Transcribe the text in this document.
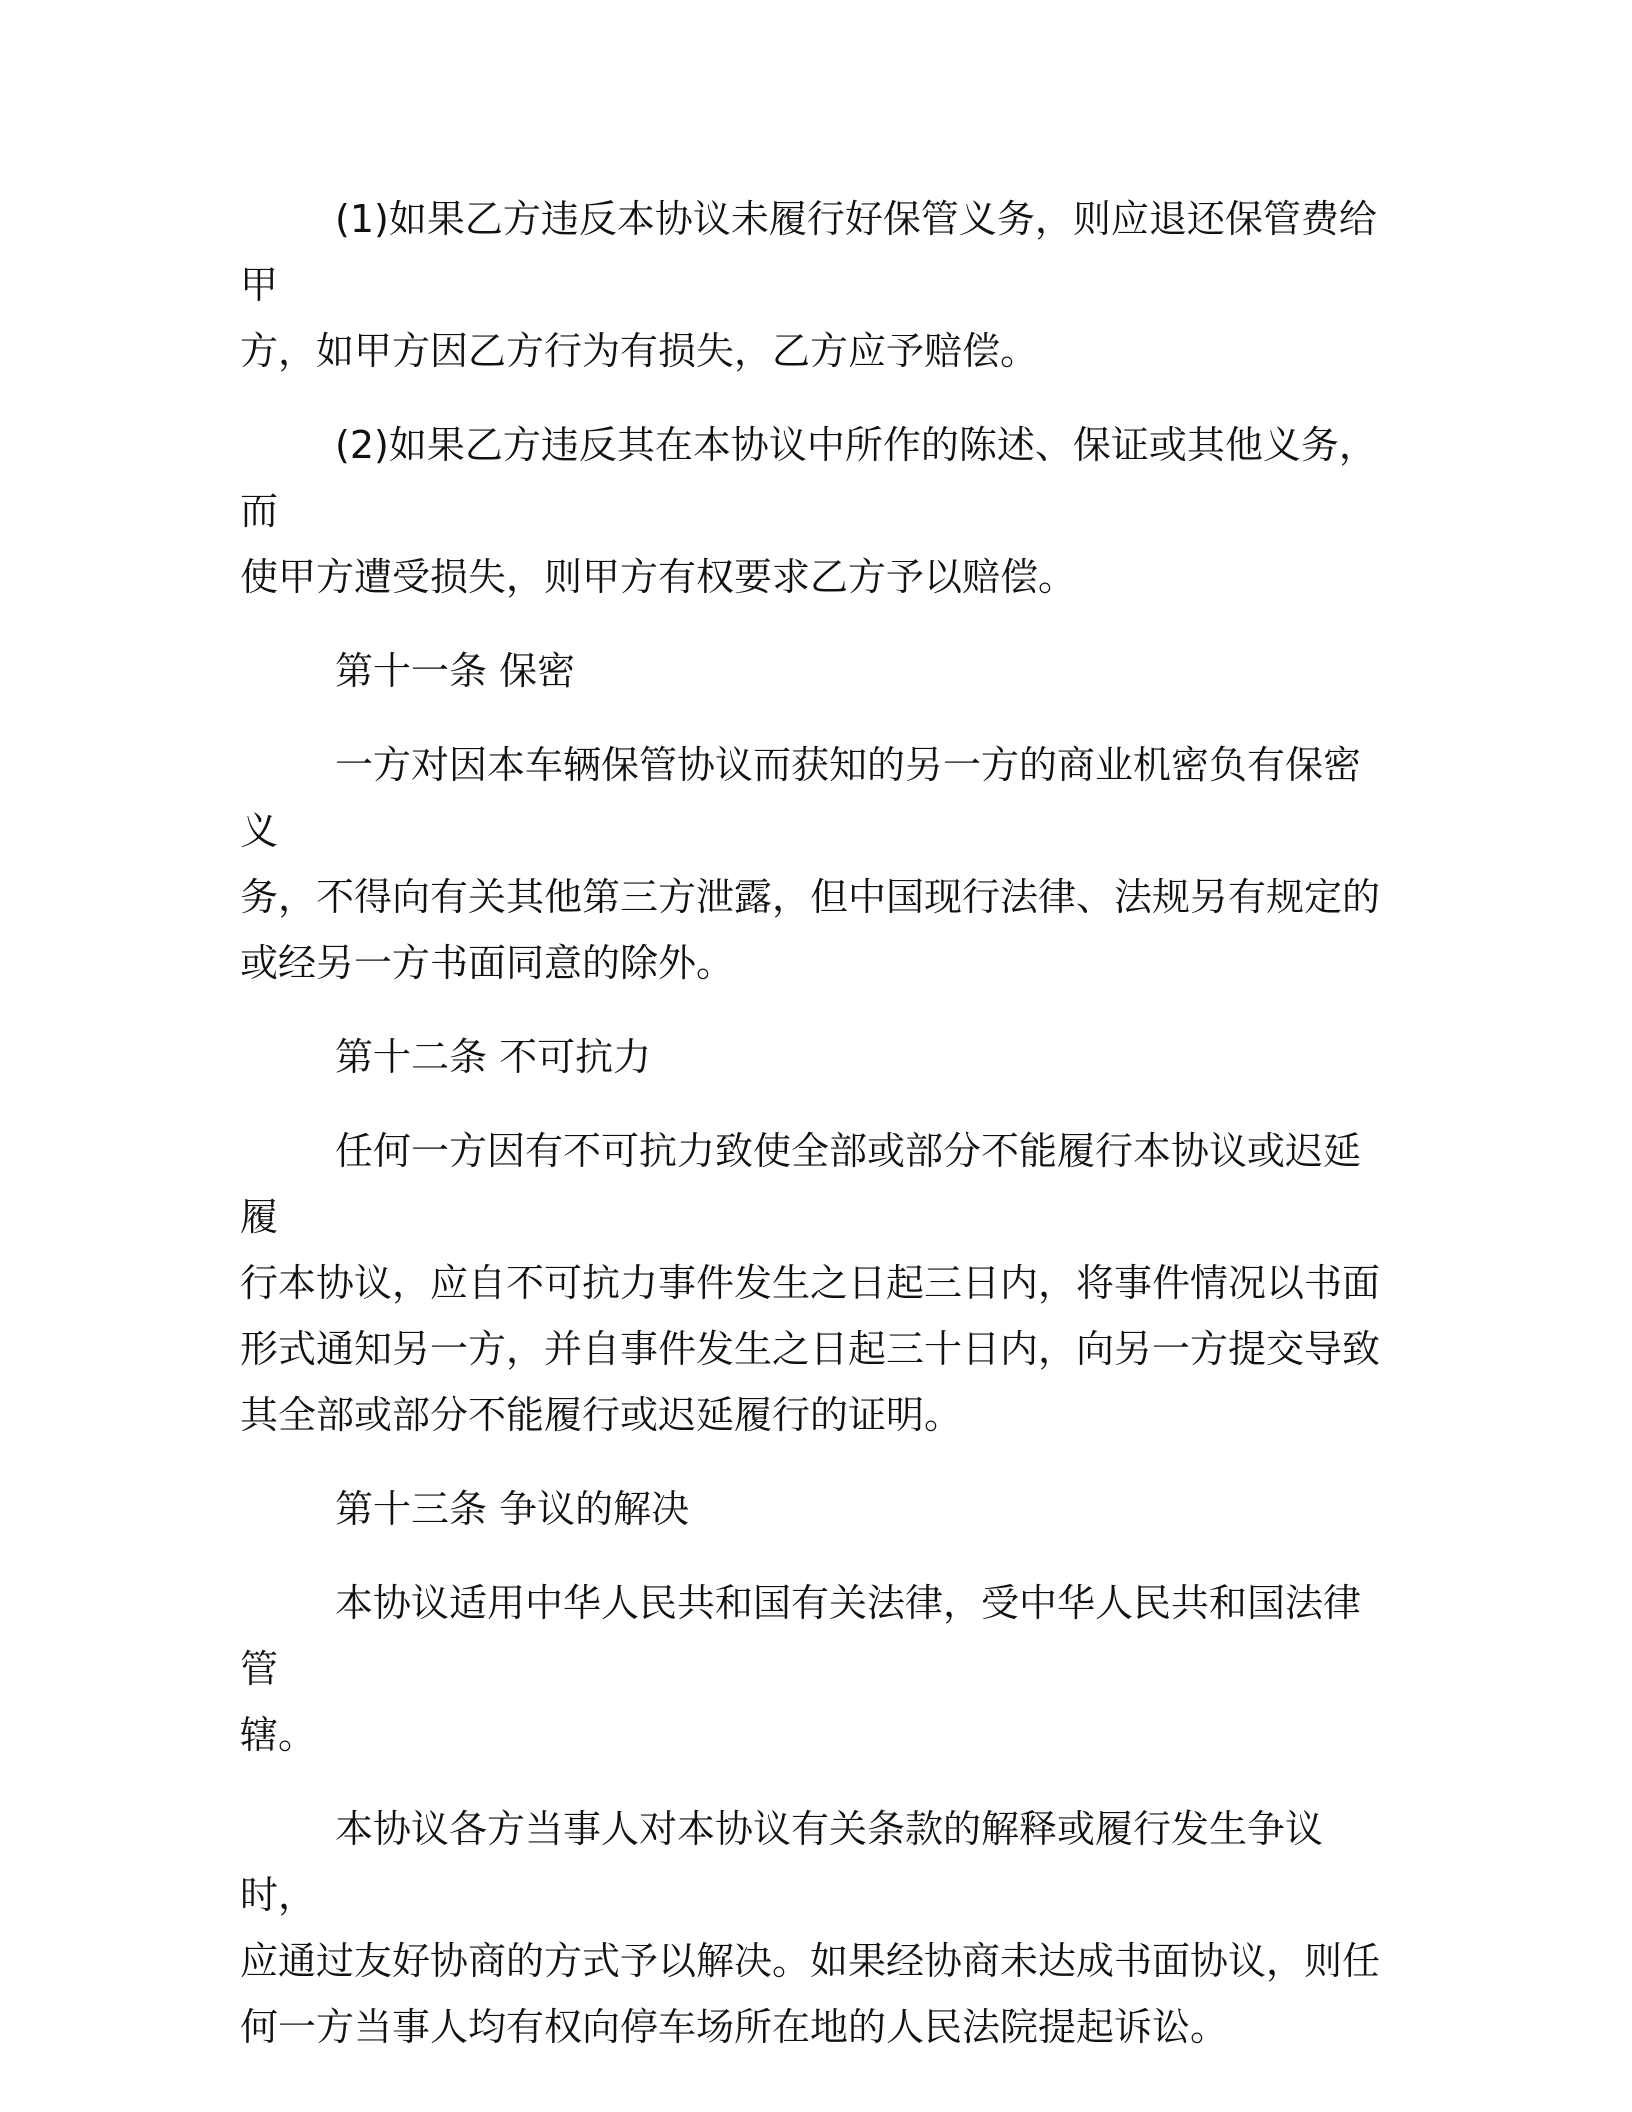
(1)如果乙方违反本协议未履行好保管义务，则应退还保管费给甲
方，如甲方因乙方行为有损失，乙方应予赔偿。

(2)如果乙方违反其在本协议中所作的陈述、保证或其他义务，而
使甲方遭受损失，则甲方有权要求乙方予以赔偿。

第十一条 保密

一方对因本车辆保管协议而获知的另一方的商业机密负有保密义
务，不得向有关其他第三方泄露，但中国现行法律、法规另有规定的
或经另一方书面同意的除外。

第十二条 不可抗力

任何一方因有不可抗力致使全部或部分不能履行本协议或迟延履
行本协议，应自不可抗力事件发生之日起三日内，将事件情况以书面
形式通知另一方，并自事件发生之日起三十日内，向另一方提交导致
其全部或部分不能履行或迟延履行的证明。

第十三条 争议的解决

本协议适用中华人民共和国有关法律，受中华人民共和国法律管
辖。

本协议各方当事人对本协议有关条款的解释或履行发生争议时，
应通过友好协商的方式予以解决。如果经协商未达成书面协议，则任
何一方当事人均有权向停车场所在地的人民法院提起诉讼。
